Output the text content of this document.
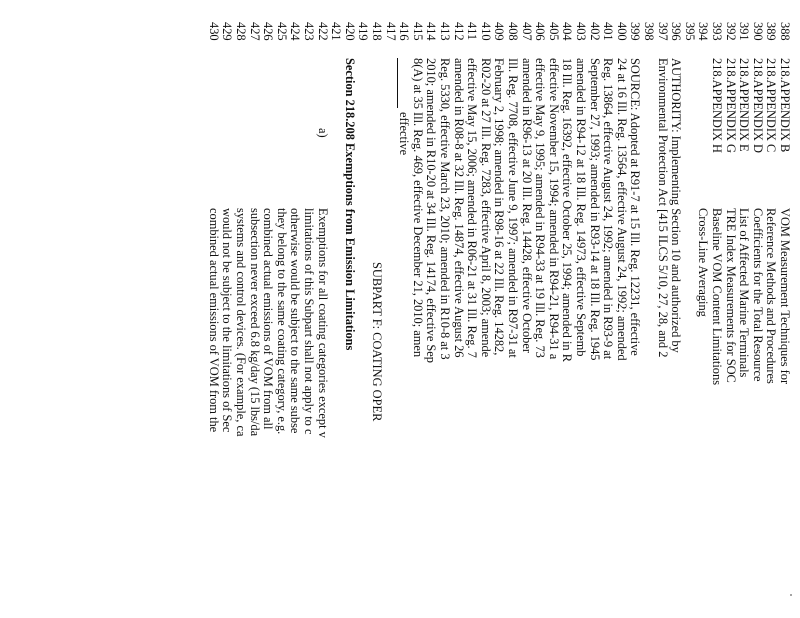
388
218.APPENDIX B
VOM Measurement Techniques for
389
218.APPENDIX C
Reference Methods and Procedures
390
218.APPENDIX D
Coefficients for the Total Resource
391
218.APPENDIX E
List of Affected Marine Terminals
392
218.APPENDIX G
TRE Index Measurements for SOC
393
218.APPENDIX H
Baseline VOM Content Limitations
394
Cross-Line Averaging
395
396
AUTHORITY: Implementing Section 10 and authorized by
397
Environmental Protection Act [415 ILCS 5/10, 27, 28, and 2
398
399
SOURCE: Adopted at R91-7 at 15 Ill. Reg. 12231, effective
400
24 at 16 Ill. Reg. 13564, effective August 24, 1992; amended
401
Reg. 13864, effective August 24, 1992; amended in R93-9 at
402
September 27, 1993; amended in R93-14 at 18 Ill. Reg. 1945
403
amended in R94-12 at 18 Ill. Reg. 14973, effective Septemb
404
18 Ill. Reg. 16392, effective October 25, 1994; amended in R
405
effective November 15, 1994; amended in R94-21, R94-31 a
406
effective May 9, 1995; amended in R94-33 at 19 Ill. Reg. 73
407
amended in R96-13 at 20 Ill. Reg. 14428, effective October
408
Ill. Reg. 7708, effective June 9, 1997; amended in R97-31 at
409
February 2, 1998; amended in R98-16 at 22 Ill. Reg. 14282,
410
R02-20 at 27 Ill. Reg. 7283, effective April 8, 2003; amende
411
effective May 15, 2006; amended in R06-21 at 31 Ill. Reg. 7
412
amended in R08-8 at 32 Ill. Reg. 14874, effective August 26
413
Reg. 5330, effective March 23, 2010; amended in R10-8 at 3
414
2010; amended in R10-20 at 34 Ill. Reg. 14174, effective Sep
415
8(A) at 35 Ill. Reg. 469, effective December 21, 2010; amen
416
effective
417
418
SUBPART F: COATING OPER
419
420
Section 218.208 Exemptions from Emission Limitations
421
422
a)
Exemptions for all coating categories except v
423
limitations of this Subpart shall not apply to c
424
otherwise would be subject to the same subse
425
they belong to the same coating category, e.g.
426
combined actual emissions of VOM from all
427
subsection never exceed 6.8 kg/day (15 lbs/da
428
systems and control devices. (For example, ca
429
would not be subject to the limitations of Sec
430
combined actual emissions of VOM from the
